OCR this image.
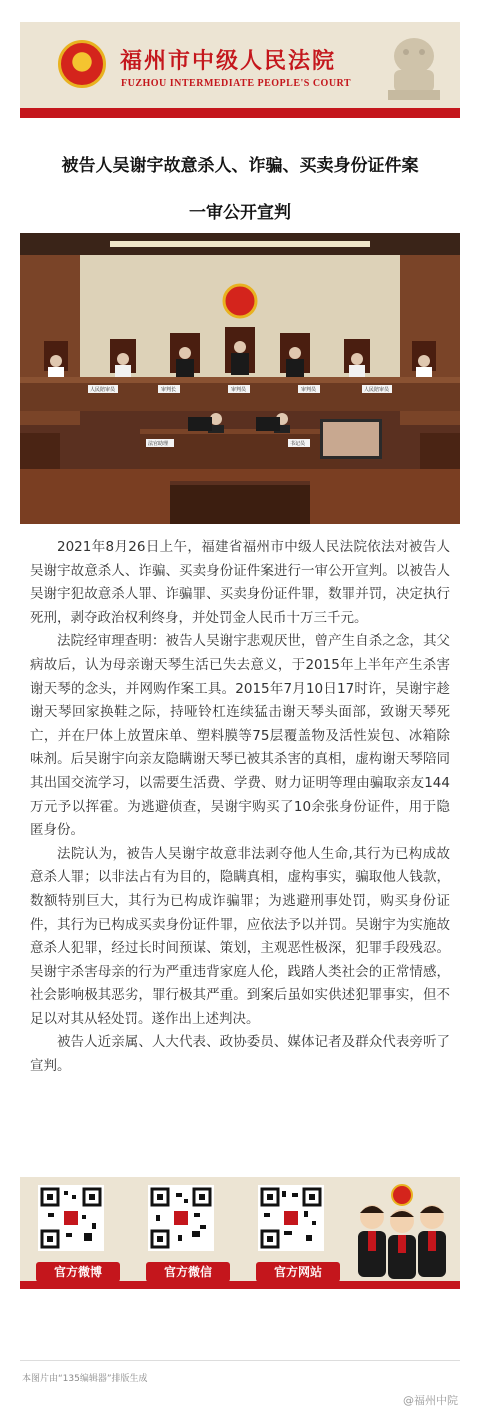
福州市中级人民法院
FUZHOU INTERMEDIATE PEOPLE'S COURT
被告人吴谢宇故意杀人、诈骗、买卖身份证件案
一审公开宣判
人民陪审员	审判长	审判员	审判员	人民陪审员
法官助理	书记员

2021年8月26日上午，福建省福州市中级人民法院依法对被告人吴谢宇故意杀人、诈骗、买卖身份证件案进行一审公开宣判。以被告人吴谢宇犯故意杀人罪、诈骗罪、买卖身份证件罪，数罪并罚，决定执行死刑，剥夺政治权利终身，并处罚金人民币十万三千元。

法院经审理查明：被告人吴谢宇悲观厌世，曾产生自杀之念，其父病故后，认为母亲谢天琴生活已失去意义，于2015年上半年产生杀害谢天琴的念头，并网购作案工具。2015年7月10日17时许，吴谢宇趁谢天琴回家换鞋之际，持哑铃杠连续猛击谢天琴头面部，致谢天琴死亡，并在尸体上放置床单、塑料膜等75层覆盖物及活性炭包、冰箱除味剂。后吴谢宇向亲友隐瞒谢天琴已被其杀害的真相，虚构谢天琴陪同其出国交流学习，以需要生活费、学费、财力证明等理由骗取亲友144万元予以挥霍。为逃避侦查，吴谢宇购买了10余张身份证件，用于隐匿身份。

法院认为，被告人吴谢宇故意非法剥夺他人生命,其行为已构成故意杀人罪；以非法占有为目的，隐瞒真相，虚构事实，骗取他人钱款，数额特别巨大，其行为已构成诈骗罪；为逃避刑事处罚，购买身份证件，其行为已构成买卖身份证件罪，应依法予以并罚。吴谢宇为实施故意杀人犯罪，经过长时间预谋、策划，主观恶性极深，犯罪手段残忍。吴谢宇杀害母亲的行为严重违背家庭人伦，践踏人类社会的正常情感，社会影响极其恶劣，罪行极其严重。到案后虽如实供述犯罪事实，但不足以对其从轻处罚。遂作出上述判决。

被告人近亲属、人大代表、政协委员、媒体记者及群众代表旁听了宣判。

官方微博	官方微信	官方网站
本图片由“135编辑器”排版生成
@福州中院
